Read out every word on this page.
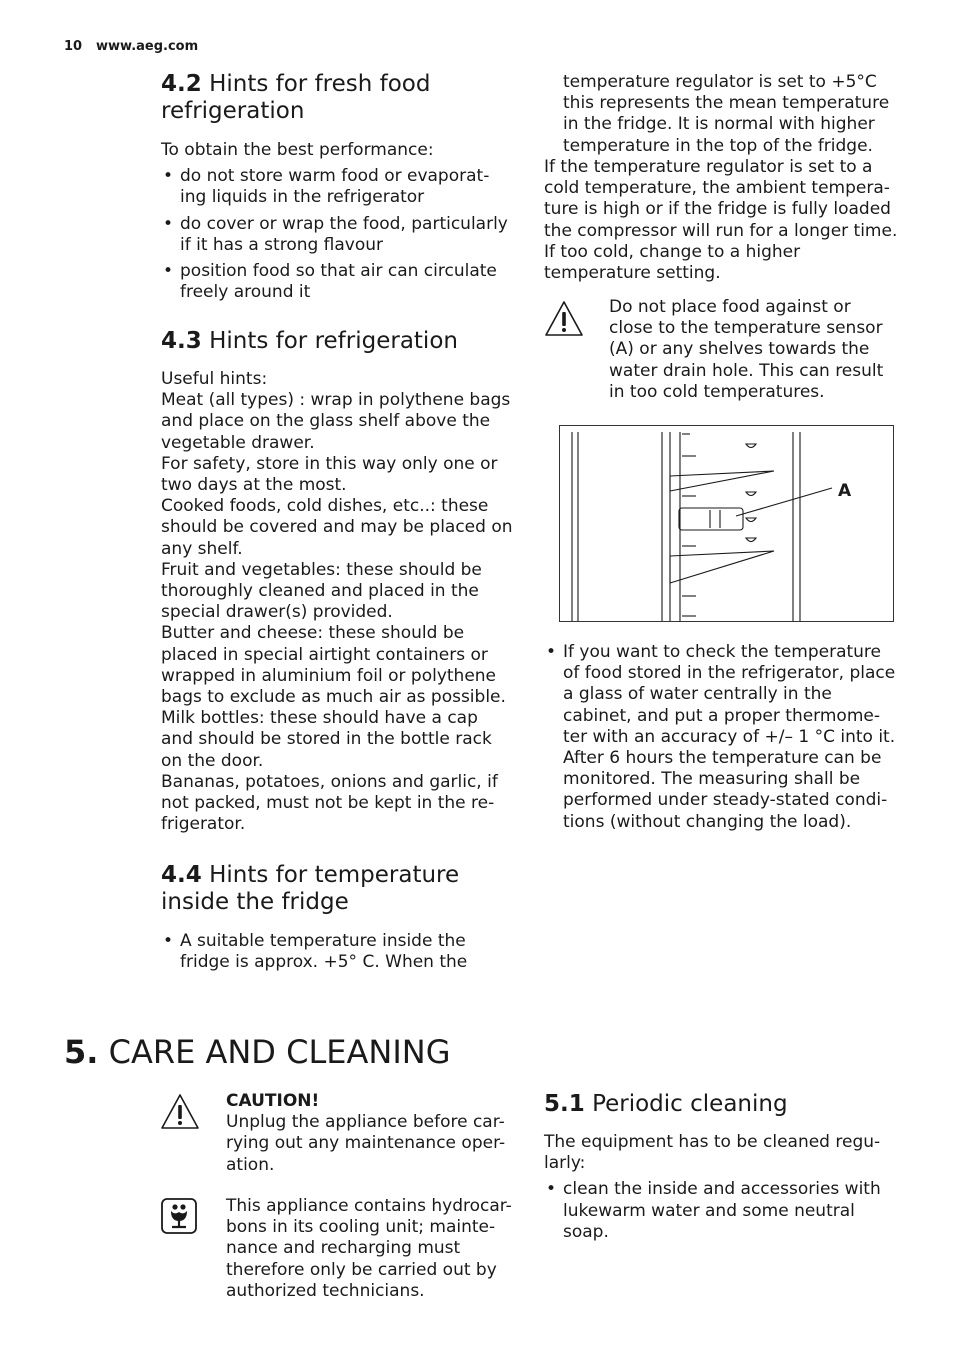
10 www.aeg.com
4.2 Hints for fresh food refrigeration

To obtain the best performance:

• do not store warm food or evaporat-ing liquids in the refrigerator
• do cover or wrap the food, particularly if it has a strong flavour
• position food so that air can circulate freely around it
4.3 Hints for refrigeration

Useful hints:

Meat (all types) : wrap in polythene bags and place on the glass shelf above the vegetable drawer.

For safety, store in this way only one or two days at the most.

Cooked foods, cold dishes, etc..: these should be covered and may be placed on any shelf.

Fruit and vegetables: these should be thoroughly cleaned and placed in the special drawer(s) provided.

Butter and cheese: these should be placed in special airtight containers or wrapped in aluminium foil or polythene bags to exclude as much air as possible.

Milk bottles: these should have a cap and should be stored in the bottle rack on the door.

Bananas, potatoes, onions and garlic, if not packed, must not be kept in the re-frigerator.

4.4 Hints for temperature inside the fridge
• A suitable temperature inside the fridge is approx. +5° C. When the
temperature regulator is set to +5°C this represents the mean temperature in the fridge. It is normal with higher temperature in the top of the fridge.
If the temperature regulator is set to a cold temperature, the ambient tempera-ture is high or if the fridge is fully loaded the compressor will run for a longer time. If too cold, change to a higher temperature setting.
Do not place food against or close to the temperature sensor (A) or any shelves towards the water drain hole. This can result in too cold temperatures.
A
• If you want to check the temperature of food stored in the refrigerator, place a glass of water centrally in the cabinet, and put a proper thermome-ter with an accuracy of +/– 1 °C into it. After 6 hours the temperature can be monitored. The measuring shall be performed under steady-stated condi-tions (without changing the load).
5. CARE AND CLEANING
CAUTION!
Unplug the appliance before car-rying out any maintenance oper-ation.
This appliance contains hydrocar-bons in its cooling unit; mainte-nance and recharging must therefore only be carried out by authorized technicians.
5.1 Periodic cleaning

The equipment has to be cleaned regu-larly:

• clean the inside and accessories with lukewarm water and some neutral soap.
